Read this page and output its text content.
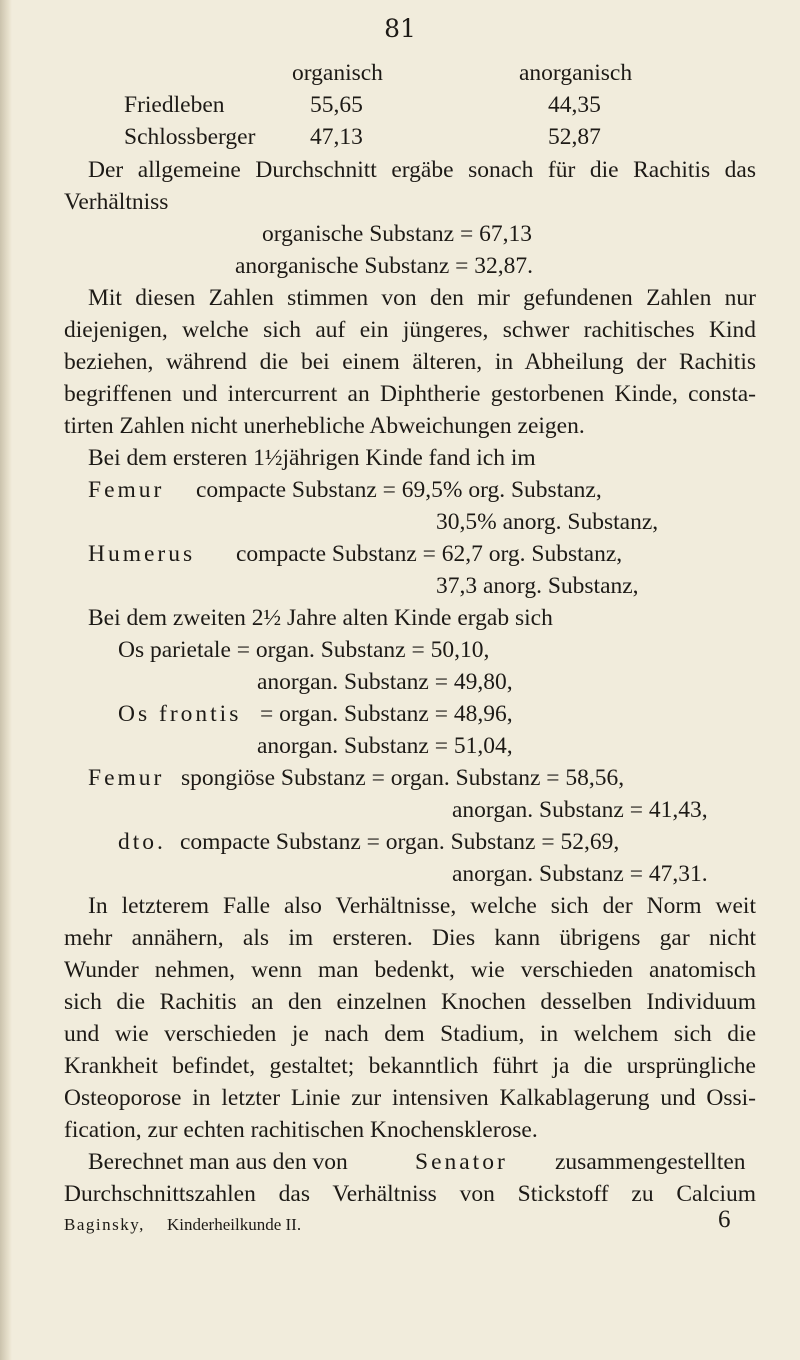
81
organisch	anorganisch
Friedleben	55,65	44,35
Schlossberger 47,13	52,87
Der allgemeine Durchschnitt ergäbe sonach für die Rachitis das
Verhältniss
organische Substanz = 67,13
anorganische Substanz = 32,87.
Mit diesen Zahlen stimmen von den mir gefundenen Zahlen nur
diejenigen, welche sich auf ein jüngeres, schwer rachitisches Kind
beziehen, während die bei einem älteren, in Abheilung der Rachitis
begriffenen und intercurrent an Diphtherie gestorbenen Kinde, consta-
tirten Zahlen nicht unerhebliche Abweichungen zeigen.
Bei dem ersteren 1½jährigen Kinde fand ich im
Femur compacte Substanz = 69,5% org. Substanz,
30,5% anorg. Substanz,
Humerus compacte Substanz = 62,7 org. Substanz,
37,3 anorg. Substanz,
Bei dem zweiten 2½ Jahre alten Kinde ergab sich
Os parietale = organ. Substanz = 50,10,
anorgan. Substanz = 49,80,
Os frontis = organ. Substanz = 48,96,
anorgan. Substanz = 51,04,
Femur spongiöse Substanz = organ. Substanz = 58,56,
anorgan. Substanz = 41,43,
dto. compacte Substanz = organ. Substanz = 52,69,
anorgan. Substanz = 47,31.
In letzterem Falle also Verhältnisse, welche sich der Norm weit
mehr annähern, als im ersteren. Dies kann übrigens gar nicht
Wunder nehmen, wenn man bedenkt, wie verschieden anatomisch
sich die Rachitis an den einzelnen Knochen desselben Individuum
und wie verschieden je nach dem Stadium, in welchem sich die
Krankheit befindet, gestaltet; bekanntlich führt ja die ursprüngliche
Osteoporose in letzter Linie zur intensiven Kalkablagerung und Ossi-
fication, zur echten rachitischen Knochensklerose.
Berechnet man aus den von	Senator zusammengestellten
Durchschnittszahlen das Verhältniss von Stickstoff zu Calcium
Baginsky, Kinderheilkunde II.	6
